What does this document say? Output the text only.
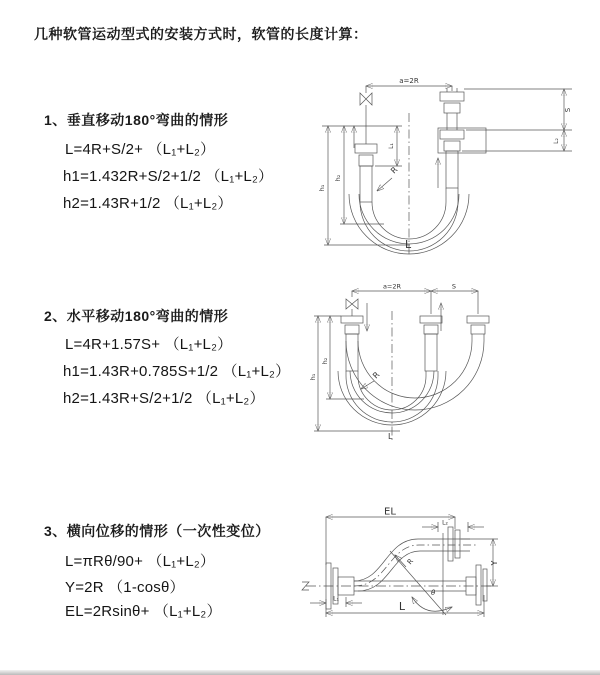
几种软管运动型式的安装方式时，软管的长度计算：
1、垂直移动180°弯曲的情形
L=4R+S/2+ （L₁+L₂）
h1=1.432R+S/2+1/2 （L₁+L₂）
h2=1.43R+1/2 （L₁+L₂）
a=2R
h₁
h₂
L₁
S
L₂
R
L
2、水平移动180°弯曲的情形
L=4R+1.57S+ （L₁+L₂）
h1=1.43R+0.785S+1/2 （L₁+L₂）
h2=1.43R+S/2+1/2 （L₁+L₂）
a=2R	S
h₁
h₂
R
L
3、横向位移的情形（一次性变位）
L=πRθ/90+ （L₁+L₂）
Y=2R （1-cosθ）
EL=2Rsinθ+ （L₁+L₂）
EL
L₂
θ
R	Y
L
L₁
